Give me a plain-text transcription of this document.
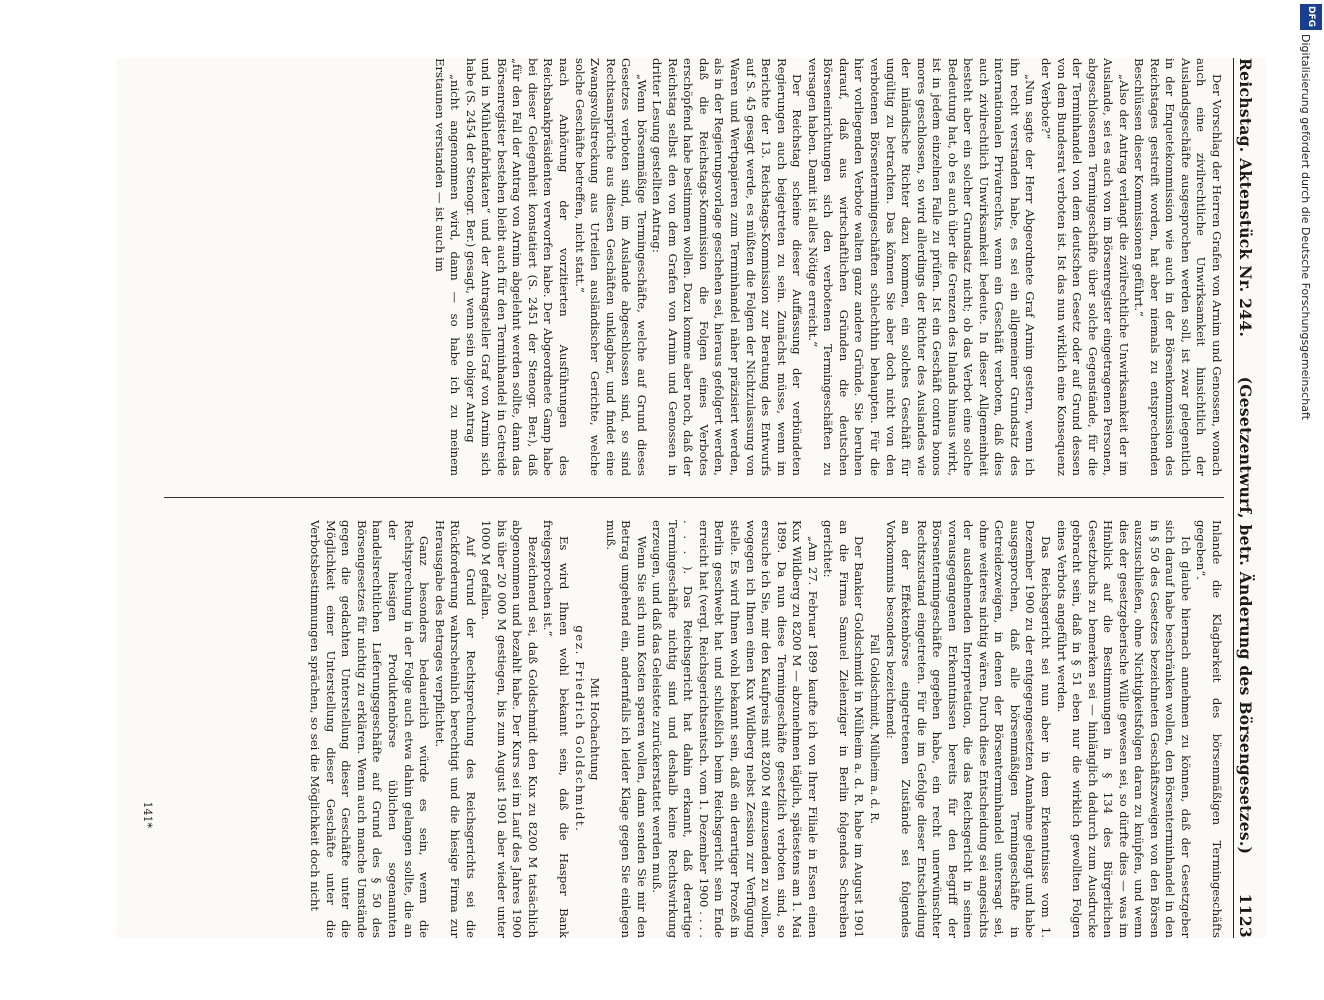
Reichstag. Aktenstück Nr. 244.
(Gesetzentwurf, betr. Änderung des Börsengesetzes.)
1123

Der Vorschlag der Herren Grafen von Arnim und Genossen, wonach auch eine zivilrechtliche Unwirksamkeit hinsichtlich der Auslandsgeschäfte ausgesprochen werden soll, ist zwar gelegentlich in der Enquetekommission wie auch in der Börsenkommission des Reichstages gestreift worden, hat aber niemals zu entsprechenden Beschlüssen dieser Kommissionen geführt.“

„Also der Antrag verlangt die zivilrechtliche Unwirksamkeit der im Auslande, sei es auch von im Börsenregister eingetragenen Personen, abgeschlossenen Termingeschäfte über solche Gegenstände, für die der Terminhandel von dem deutschen Gesetz oder auf Grund dessen von dem Bundesrat verboten ist. Ist das nun wirklich eine Konsequenz der Verbote?“

„Nun sagte der Herr Abgeordnete Graf Arnim gestern, wenn ich ihn recht verstanden habe, es sei ein allgemeiner Grundsatz des internationalen Privatrechts, wenn ein Geschäft verboten, daß dies auch zivilrechtlich Unwirksamkeit bedeute. In dieser Allgemeinheit besteht aber ein solcher Grundsatz nicht; ob das Verbot eine solche Bedeutung hat, ob es auch über die Grenzen des Inlands hinaus wirkt, ist in jedem einzelnen Falle zu prüfen. Ist ein Geschäft contra bonos mores geschlossen, so wird allerdings der Richter des Auslandes wie der inländische Richter dazu kommen, ein solches Geschäft für ungültig zu betrachten. Das können Sie aber doch nicht von den verbotenen Börsentermingeschäften schlechthin behaupten. Für die hier vorliegenden Verbote walten ganz andere Gründe. Sie beruhen darauf, daß aus wirtschaftlichen Gründen die deutschen Börseneinrichtungen sich den verbotenen Termingeschäften zu versagen haben. Damit ist alles Nötige erreicht.“

Der Reichstag scheine dieser Auffassung der verbündeten Regierungen auch beigetreten zu sein. Zunächst müsse, wenn im Berichte der 13. Reichstags-Kommission zur Beratung des Entwurfs auf S. 45 gesagt werde, es müßten die Folgen der Nichtzulassung von Waren und Wertpapieren zum Terminhandel näher präzisiert werden, als in der Regierungsvorlage geschehen sei, hieraus gefolgert werden, daß die Reichstags-Kommission die Folgen eines Verbotes erschöpfend habe bestimmen wollen. Dazu komme aber noch, daß der Reichstag selbst den von dem Grafen von Arnim und Genossen in dritter Lesung gestellten Antrag:

„Wenn börsenmäßige Termingeschäfte, welche auf Grund dieses Gesetzes verboten sind, im Auslande abgeschlossen sind, so sind Rechtsansprüche aus diesen Geschäften unklagbar, und findet eine Zwangsvollstreckung aus Urteilen ausländischer Gerichte, welche solche Geschäfte betreffen, nicht statt.“

nach Anhörung der vorzitierten Ausführungen des Reichsbankpräsidenten verworfen habe. Der Abgeordnete Gamp habe bei dieser Gelegenheit konstatiert (S. 2451 der Stenogr. Ber.), daß „für den Fall der Antrag von Arnim abgelehnt werden sollte, dann das Börsenregister bestehen bleibt auch für den Terminhandel in Getreide und in Mühlenfabrikaten“ und der Antragsteller Graf von Arnim sich habe (S. 2454 der Stenogr. Ber.) gesagt, wenn sein obiger Antrag

„nicht angenommen wird, dann — so habe ich zu meinem Erstaunen verstanden — ist auch im

Inlande die Klagbarkeit des börsenmäßigen Termingeschäfts gegeben“.

Ich glaube hiernach annehmen zu können, daß der Gesetzgeber sich darauf habe beschränken wollen, den Börsenterminhandel in den in § 50 des Gesetzes bezeichneten Geschäftszweigen von den Börsen auszuschließen, ohne Nichtigkeitsfolgen daran zu knüpfen, und wenn dies der gesetzgeberische Wille gewesen sei, so dürfte dies — was im Hinblick auf die Bestimmungen in § 134 des Bürgerlichen Gesetzbuchs zu bemerken sei — hinlänglich dadurch zum Ausdrucke gebracht sein, daß in § 51 eben nur die wirklich gewollten Folgen eines Verbots angeführt werden.

Das Reichsgericht sei nun aber in dem Erkenntnisse vom 1. Dezember 1900 zu der entgegengesetzten Annahme gelangt und habe ausgesprochen, daß alle börsenmäßigen Termingeschäfte in Getreidezweigen, in denen der Börsenterminhandel untersagt sei, ohne weiteres nichtig wären. Durch diese Entscheidung sei angesichts der ausdehnenden Interpretation, die das Reichsgericht in seinen vorausgegangenen Erkenntnissen bereits für den Begriff der Börsentermingeschäfte gegeben habe, ein recht unerwünschter Rechtszustand eingetreten. Für die im Gefolge dieser Entscheidung an der Effektenbörse eingetretenen Zustände sei folgendes Vorkommnis besonders bezeichnend:

Fall Goldschmidt, Mülheim a. d. R.

Der Bankier Goldschmidt in Mülheim a. d. R. habe im August 1901 an die Firma Samuel Zielenziger in Berlin folgendes Schreiben gerichtet:

„Am 27. Februar 1899 kaufte ich von Ihrer Filiale in Essen einen Kux Wildberg zu 8200 M — abzunehmen täglich, spätestens am 1. Mai 1899. Da nun diese Termingeschäfte gesetzlich verboten sind, so ersuche ich Sie, mir den Kaufpreis mit 8200 M einzusenden zu wollen, wogegen ich Ihnen einen Kux Wildberg nebst Zession zur Verfügung stelle. Es wird Ihnen wohl bekannt sein, daß ein derartiger Prozeß in Berlin geschwebt hat und schließlich beim Reichsgericht sein Ende erreicht hat (vergl. Reichsgerichtsentsch. vom 1. Dezember 1900 . . . . . . . ). Das Reichsgericht hat dahin erkannt, daß derartige Termingeschäfte nichtig sind und deshalb keine Rechtswirkung erzeugen, und daß das Geleistete zurückerstattet werden muß.

Wenn Sie sich nun Kosten sparen wollen, dann senden Sie mir den Betrag umgehend ein, andernfalls ich leider Klage gegen Sie einlegen muß.

Mit Hochachtung

gez. Friedrich Goldschmidt.

Es wird Ihnen wohl bekannt sein, daß die Hasper Bank freigesprochen ist.“

Bezeichnend sei, daß Goldschmidt den Kux zu 8200 M tatsächlich abgenommen und bezahlt habe. Der Kurs sei im Lauf des Jahres 1900 bis über 20 000 M gestiegen, bis zum August 1901 aber wieder unter 1000 M gefallen.

Auf Grund der Rechtsprechung des Reichsgerichts sei die Rückforderung wahrscheinlich berechtigt und die hiesige Firma zur Herausgabe des Betrages verpflichtet.

Ganz besonders bedauerlich würde es sein, wenn die Rechtsprechung in der Folge auch etwa dahin gelangen sollte, die an der hiesigen Produktenbörse üblichen sogenannten handelsrechtlichen Lieferungsgeschäfte auf Grund des § 50 des Börsengesetzes für nichtig zu erklären. Wenn auch manche Umstände gegen die gedachten Unterstellung dieser Geschäfte unter die Möglichkeit einer Unterstellung dieser Geschäfte unter die Verbotsbestimmungen sprächen, so sei die Möglichkeit doch nicht

141*
Digitalisierung gefördert durch die Deutsche Forschungsgemeinschaft
DFG
